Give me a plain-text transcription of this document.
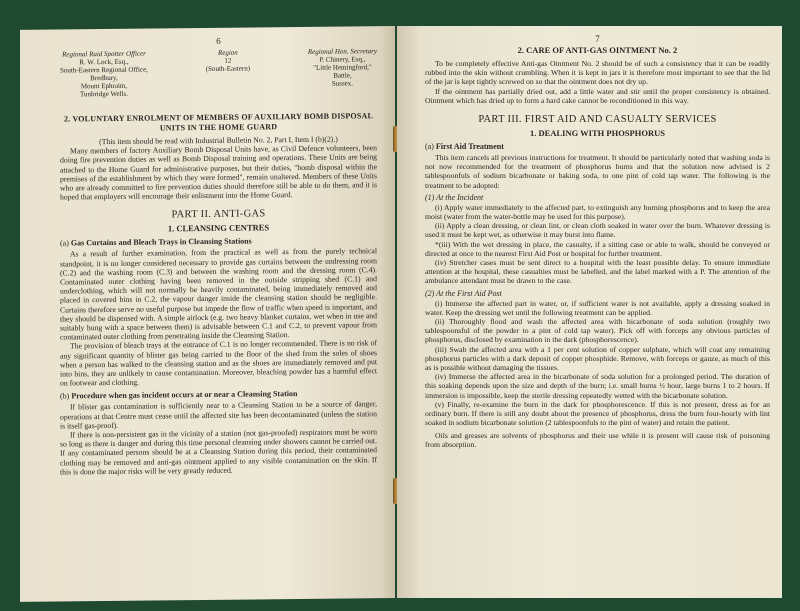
6
Regional Raid Spotter Officer
R. W. Lock, Esq.,
South-Eastern Regional Office,
Bredbury,
Mount Ephraim,
Tunbridge Wells.
Region
12
(South-Eastern)
Regional Hon. Secretary
P. Chinery, Esq.,
"Little Hemingford,"
Battle,
Sussex.
2. VOLUNTARY ENROLMENT OF MEMBERS OF AUXILIARY BOMB DISPOSAL UNITS IN THE HOME GUARD

(This item should be read with Industrial Bulletin No. 2, Part I, Item I (b)(2).)

Many members of factory Auxiliary Bomb Disposal Units have, as Civil Defence volunteers, been doing fire prevention duties as well as Bomb Disposal training and operations. These Units are being attached to the Home Guard for administrative purposes, but their duties, "bomb disposal within the premises of the establishment by which they were formed", remain unaltered. Members of these Units who are already committed to fire prevention duties should therefore still be able to do them, and it is hoped that employers will encourage their enlistment into the Home Guard.

PART II. ANTI-GAS
1. CLEANSING CENTRES
(a) Gas Curtains and Bleach Trays in Cleansing Stations

As a result of further examination, from the practical as well as from the purely technical standpoint, it is no longer considered necessary to provide gas curtains between the undressing room (C.2) and the washing room (C.3) and between the washing room and the dressing room (C.4). Contaminated outer clothing having been removed in the outside stripping shed (C.1) and underclothing, which will not normally be heavily contaminated, being immediately removed and placed in covered bins in C.2, the vapour danger inside the cleansing station should be negligible. Curtains therefore serve no useful purpose but impede the flow of traffic when speed is important, and they should be dispensed with. A simple airlock (e.g. two heavy blanket curtains, wet when in use and suitably hung with a space between them) is advisable between C.1 and C.2, to prevent vapour from contaminated outer clothing from penetrating inside the Cleansing Station.

The provision of bleach trays at the entrance of C.1 is no longer recommended. There is no risk of any significant quantity of blister gas being carried to the floor of the shed from the soles of shoes when a person has walked to the cleansing station and as the shoes are immediately removed and put into bins, they are unlikely to cause contamination. Moreover, bleaching powder has a harmful effect on footwear and clothing.

(b) Procedure when gas incident occurs at or near a Cleansing Station

If blister gas contamination is sufficiently near to a Cleansing Station to be a source of danger, operations at that Centre must cease until the affected site has been decontaminated (unless the station is itself gas-proof).

If there is non-persistent gas in the vicinity of a station (not gas-proofed) respirators must be worn so long as there is danger and during this time personal cleansing under showers cannot be carried out. If any contaminated persons should be at a Cleansing Station during this period, their contaminated clothing may be removed and anti-gas ointment applied to any visible contamination on the skin. If this is done the major risks will be very greatly reduced.

7
2. CARE OF ANTI-GAS OINTMENT No. 2

To be completely effective Anti-gas Ointment No. 2 should be of such a consistency that it can be readily rubbed into the skin without crumbling. When it is kept in jars it is therefore most important to see that the lid of the jar is kept tightly screwed on so that the ointment does not dry up.

If the ointment has partially dried out, add a little water and stir until the proper consistency is obtained. Ointment which has dried up to form a hard cake cannot be reconditioned in this way.

PART III. FIRST AID AND CASUALTY SERVICES
1. DEALING WITH PHOSPHORUS
(a) First Aid Treatment

This item cancels all previous instructions for treatment. It should be particularly noted that washing soda is not now recommended for the treatment of phosphorus burns and that the solution now advised is 2 tablespoonfuls of sodium bicarbonate or baking soda, to one pint of cold tap water. The following is the treatment to be adopted:

(1) At the Incident

(i) Apply water immediately to the affected part, to extinguish any burning phosphorus and to keep the area moist (water from the water-bottle may be used for this purpose).

(ii) Apply a clean dressing, or clean lint, or clean cloth soaked in water over the burn. Whatever dressing is used it must be kept wet, as otherwise it may burst into flame.

*(iii) With the wet dressing in place, the casualty, if a sitting case or able to walk, should be conveyed or directed at once to the nearest First Aid Post or hospital for further treatment.

(iv) Stretcher cases must be sent direct to a hospital with the least possible delay. To ensure immediate attention at the hospital, these casualties must be labelled, and the label marked with a P. The attention of the ambulance attendant must be drawn to the case.

(2) At the First Aid Post

(i) Immerse the affected part in water, or, if sufficient water is not available, apply a dressing soaked in water. Keep the dressing wet until the following treatment can be applied.

(ii) Thoroughly flood and wash the affected area with bicarbonate of soda solution (roughly two tablespoonsful of the powder to a pint of cold tap water). Pick off with forceps any obvious particles of phosphorus, disclosed by examination in the dark (phosphorescence).

(iii) Swab the affected area with a 1 per cent solution of copper sulphate, which will coat any remaining phosphorus particles with a dark deposit of copper phosphide. Remove, with forceps or gauze, as much of this as is possible without damaging the tissues.

(iv) Immerse the affected area in the bicarbonate of soda solution for a prolonged period. The duration of this soaking depends upon the size and depth of the burn; i.e. small burns ½ hour, large burns 1 to 2 hours. If immersion is impossible, keep the sterile dressing repeatedly wetted with the bicarbonate solution.

(v) Finally, re-examine the burn in the dark for phosphorescence. If this is not present, dress as for an ordinary burn. If there is still any doubt about the presence of phosphorus, dress the burn four-hourly with lint soaked in sodium bicarbonate solution (2 tablespoonfuls to the pint of water) and retain the patient.

Oils and greases are solvents of phosphorus and their use while it is present will cause risk of poisoning from absorption.
